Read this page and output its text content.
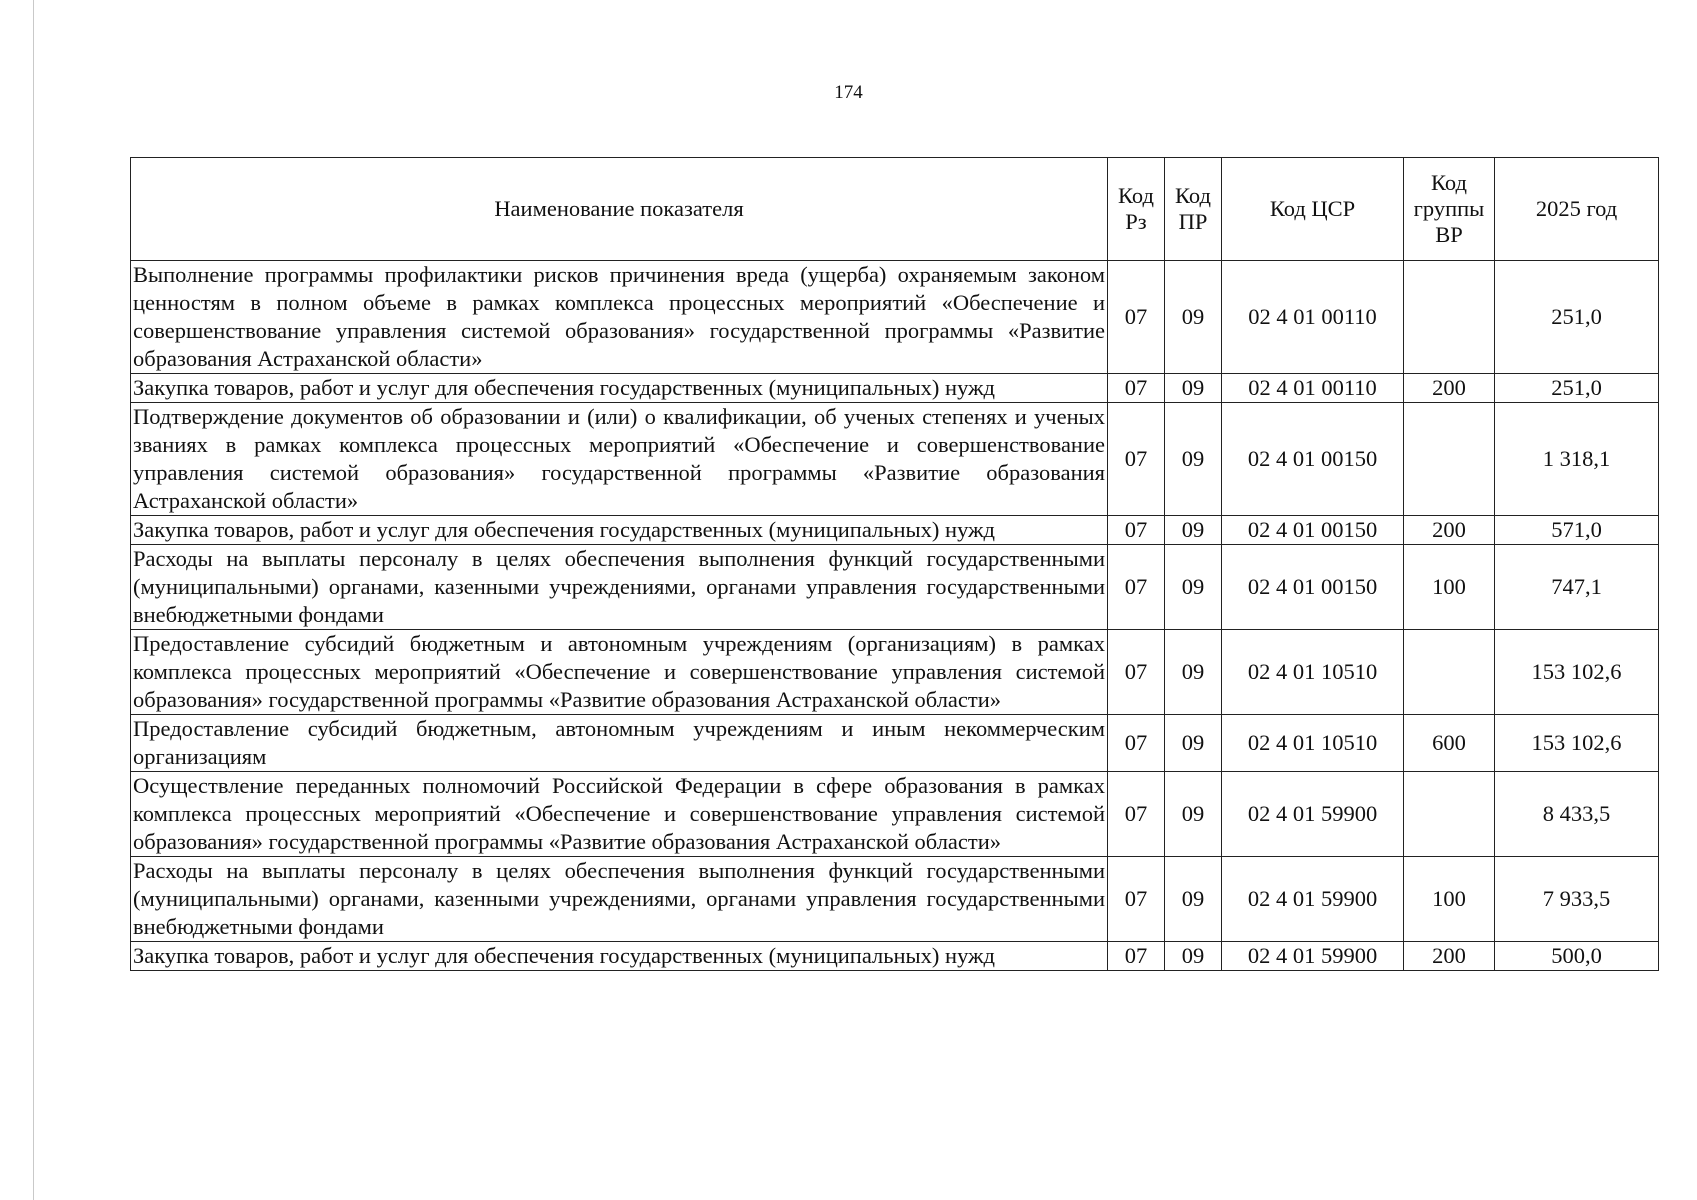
174
Наименование показателя	Код Рз	Код ПР	Код ЦСР	Код группы ВР	2025 год
Выполнение программы профилактики рисков причинения вреда (ущерба) охраняемым законом ценностям в полном объеме в рамках комплекса процессных мероприятий «Обеспечение и совершенствование управления системой образования» государственной программы «Развитие образования Астраханской области»	07	09	02 4 01 00110		251,0
Закупка товаров, работ и услуг для обеспечения государственных (муниципальных) нужд	07	09	02 4 01 00110	200	251,0
Подтверждение документов об образовании и (или) о квалификации, об ученых степенях и ученых званиях в рамках комплекса процессных мероприятий «Обеспечение и совершенствование управления системой образования» государственной программы «Развитие образования Астраханской области»	07	09	02 4 01 00150		1 318,1
Закупка товаров, работ и услуг для обеспечения государственных (муниципальных) нужд	07	09	02 4 01 00150	200	571,0
Расходы на выплаты персоналу в целях обеспечения выполнения функций государственными (муниципальными) органами, казенными учреждениями, органами управления государственными внебюджетными фондами	07	09	02 4 01 00150	100	747,1
Предоставление субсидий бюджетным и автономным учреждениям (организациям) в рамках комплекса процессных мероприятий «Обеспечение и совершенствование управления системой образования» государственной программы «Развитие образования Астраханской области»	07	09	02 4 01 10510		153 102,6
Предоставление субсидий бюджетным, автономным учреждениям и иным некоммерческим организациям	07	09	02 4 01 10510	600	153 102,6
Осуществление переданных полномочий Российской Федерации в сфере образования в рамках комплекса процессных мероприятий «Обеспечение и совершенствование управления системой образования» государственной программы «Развитие образования Астраханской области»	07	09	02 4 01 59900		8 433,5
Расходы на выплаты персоналу в целях обеспечения выполнения функций государственными (муниципальными) органами, казенными учреждениями, органами управления государственными внебюджетными фондами	07	09	02 4 01 59900	100	7 933,5
Закупка товаров, работ и услуг для обеспечения государственных (муниципальных) нужд	07	09	02 4 01 59900	200	500,0
